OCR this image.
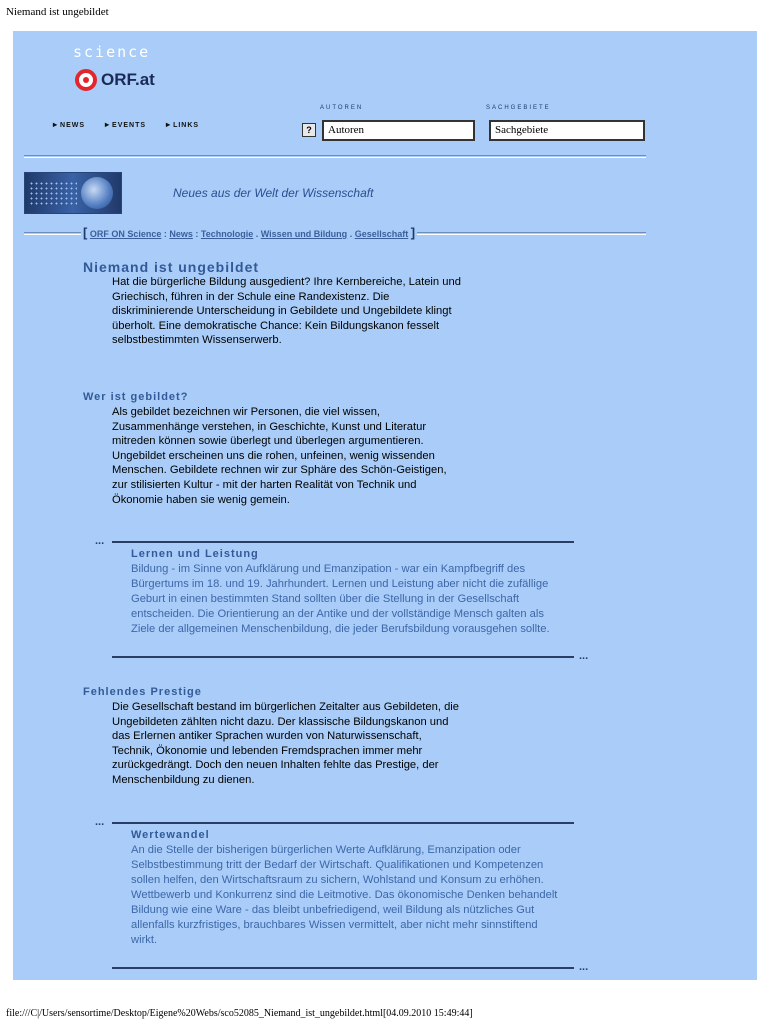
Niemand ist ungebildet
science
ORF.at
▸ NEWS	▸ EVENTS	▸ LINKS
AUTOREN	SACHGEBIETE
?	Autoren	Sachgebiete
Neues aus der Welt der Wissenschaft
[ ORF ON Science : News : Technologie . Wissen und Bildung . Gesellschaft ]
Niemand ist ungebildet
Hat die bürgerliche Bildung ausgedient? Ihre Kernbereiche, Latein und Griechisch, führen in der Schule eine Randexistenz. Die diskriminierende Unterscheidung in Gebildete und Ungebildete klingt überholt. Eine demokratische Chance: Kein Bildungskanon fesselt selbstbestimmten Wissenserwerb.
Wer ist gebildet?
Als gebildet bezeichnen wir Personen, die viel wissen, Zusammenhänge verstehen, in Geschichte, Kunst und Literatur mitreden können sowie überlegt und überlegen argumentieren. Ungebildet erscheinen uns die rohen, unfeinen, wenig wissenden Menschen. Gebildete rechnen wir zur Sphäre des Schön-Geistigen, zur stilisierten Kultur - mit der harten Realität von Technik und Ökonomie haben sie wenig gemein.
...
Lernen und Leistung
Bildung - im Sinne von Aufklärung und Emanzipation - war ein Kampfbegriff des Bürgertums im 18. und 19. Jahrhundert. Lernen und Leistung aber nicht die zufällige Geburt in einen bestimmten Stand sollten über die Stellung in der Gesellschaft entscheiden. Die Orientierung an der Antike und der vollständige Mensch galten als Ziele der allgemeinen Menschenbildung, die jeder Berufsbildung vorausgehen sollte.
...
Fehlendes Prestige
Die Gesellschaft bestand im bürgerlichen Zeitalter aus Gebildeten, die Ungebildeten zählten nicht dazu. Der klassische Bildungskanon und das Erlernen antiker Sprachen wurden von Naturwissenschaft, Technik, Ökonomie und lebenden Fremdsprachen immer mehr zurückgedrängt. Doch den neuen Inhalten fehlte das Prestige, der Menschenbildung zu dienen.
...
Wertewandel
An die Stelle der bisherigen bürgerlichen Werte Aufklärung, Emanzipation oder Selbstbestimmung tritt der Bedarf der Wirtschaft. Qualifikationen und Kompetenzen sollen helfen, den Wirtschaftsraum zu sichern, Wohlstand und Konsum zu erhöhen. Wettbewerb und Konkurrenz sind die Leitmotive. Das ökonomische Denken behandelt Bildung wie eine Ware - das bleibt unbefriedigend, weil Bildung als nützliches Gut allenfalls kurzfristiges, brauchbares Wissen vermittelt, aber nicht mehr sinnstiftend wirkt.
...
file:///C|/Users/sensortime/Desktop/Eigene%20Webs/sco52085_Niemand_ist_ungebildet.html[04.09.2010 15:49:44]
